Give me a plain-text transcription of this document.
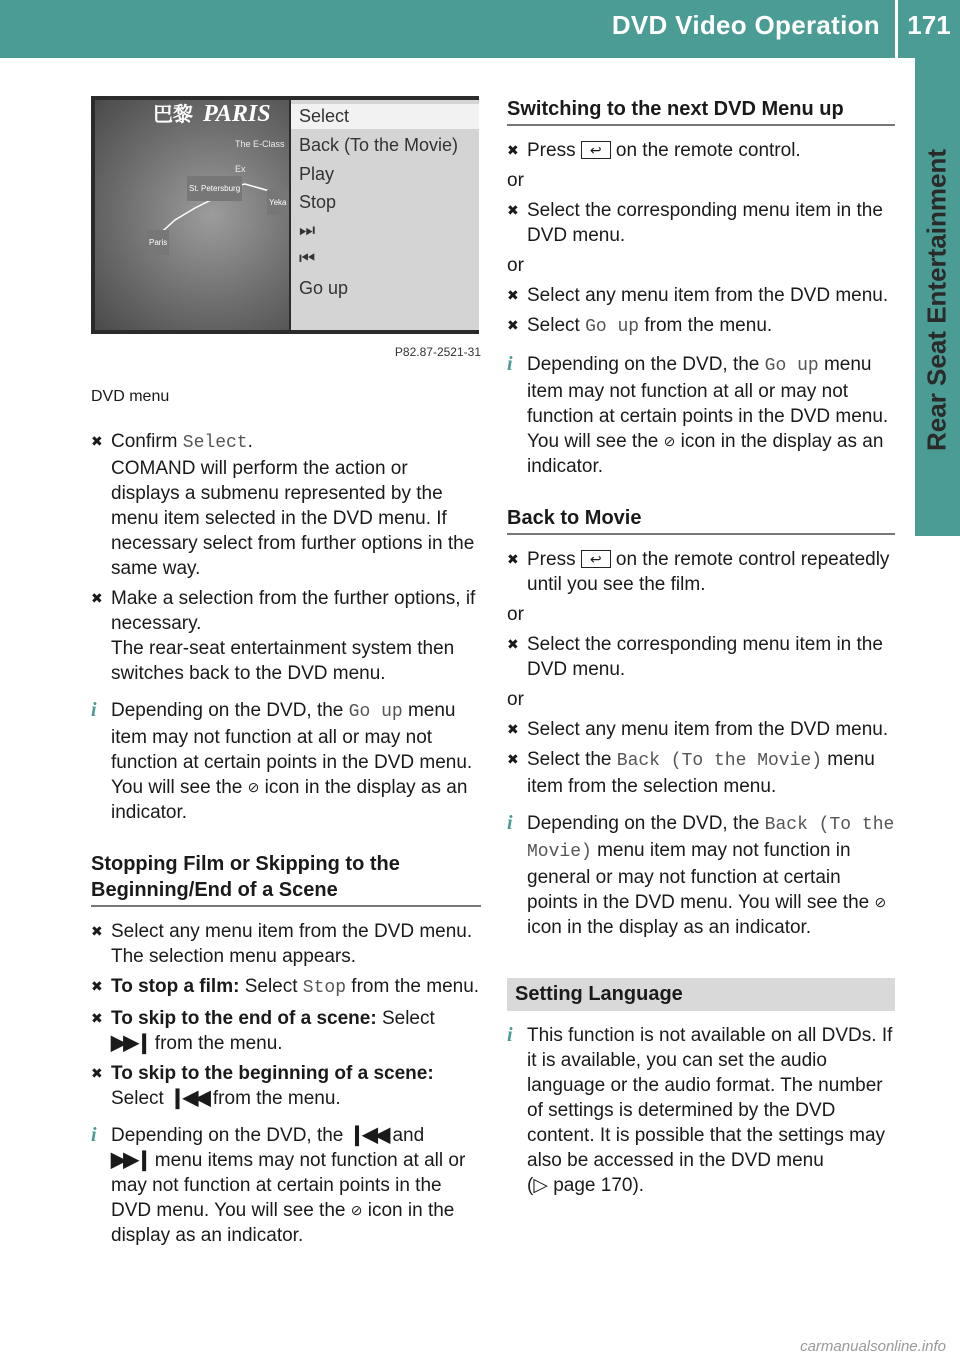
DVD Video Operation	171
Rear Seat Entertainment
巴黎 PARIS
The E-Class Ex
St. Petersburg
Yeka
Paris
Select
Back (To the Movie)
Play
Stop
⏭
⏮
Go up
P82.87-2521-31
DVD menu
✖ Confirm Select.
COMAND will perform the action or displays a submenu represented by the menu item selected in the DVD menu. If necessary select from further options in the same way.
✖ Make a selection from the further options, if necessary.
The rear-seat entertainment system then switches back to the DVD menu.
i Depending on the DVD, the Go up menu item may not function at all or may not function at certain points in the DVD menu. You will see the ⊘ icon in the display as an indicator.
Stopping Film or Skipping to the Beginning/End of a Scene
✖ Select any menu item from the DVD menu.
The selection menu appears.
✖ To stop a film: Select Stop from the menu.
✖ To skip to the end of a scene: Select
▶▶❙ from the menu.
✖ To skip to the beginning of a scene:
Select ❙◀◀ from the menu.
i Depending on the DVD, the ❙◀◀ and
▶▶❙ menu items may not function at all or may not function at certain points in the DVD menu. You will see the ⊘ icon in the display as an indicator.
Switching to the next DVD Menu up
✖ Press ↩ on the remote control.
or
✖ Select the corresponding menu item in the DVD menu.
or
✖ Select any menu item from the DVD menu.
✖ Select Go up from the menu.
i Depending on the DVD, the Go up menu item may not function at all or may not function at certain points in the DVD menu. You will see the ⊘ icon in the display as an indicator.
Back to Movie
✖ Press ↩ on the remote control repeatedly until you see the film.
or
✖ Select the corresponding menu item in the DVD menu.
or
✖ Select any menu item from the DVD menu.
✖ Select the Back (To the Movie) menu item from the selection menu.
i Depending on the DVD, the Back (To the Movie) menu item may not function in general or may not function at certain points in the DVD menu. You will see the ⊘ icon in the display as an indicator.
Setting Language
i This function is not available on all DVDs. If it is available, you can set the audio language or the audio format. The number of settings is determined by the DVD content. It is possible that the settings may also be accessed in the DVD menu
(▷ page 170).
carmanualsonline.info
